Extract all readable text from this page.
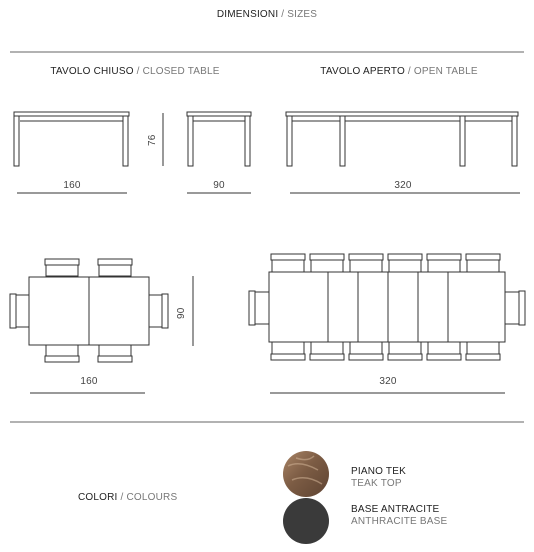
DIMENSIONI / SIZES
TAVOLO CHIUSO / CLOSED TABLE	TAVOLO APERTO / OPEN TABLE
160	90
76
320
90
160	320
COLORI / COLOURS
PIANO TEK
TEAK TOP
BASE ANTRACITE
ANTHRACITE BASE
